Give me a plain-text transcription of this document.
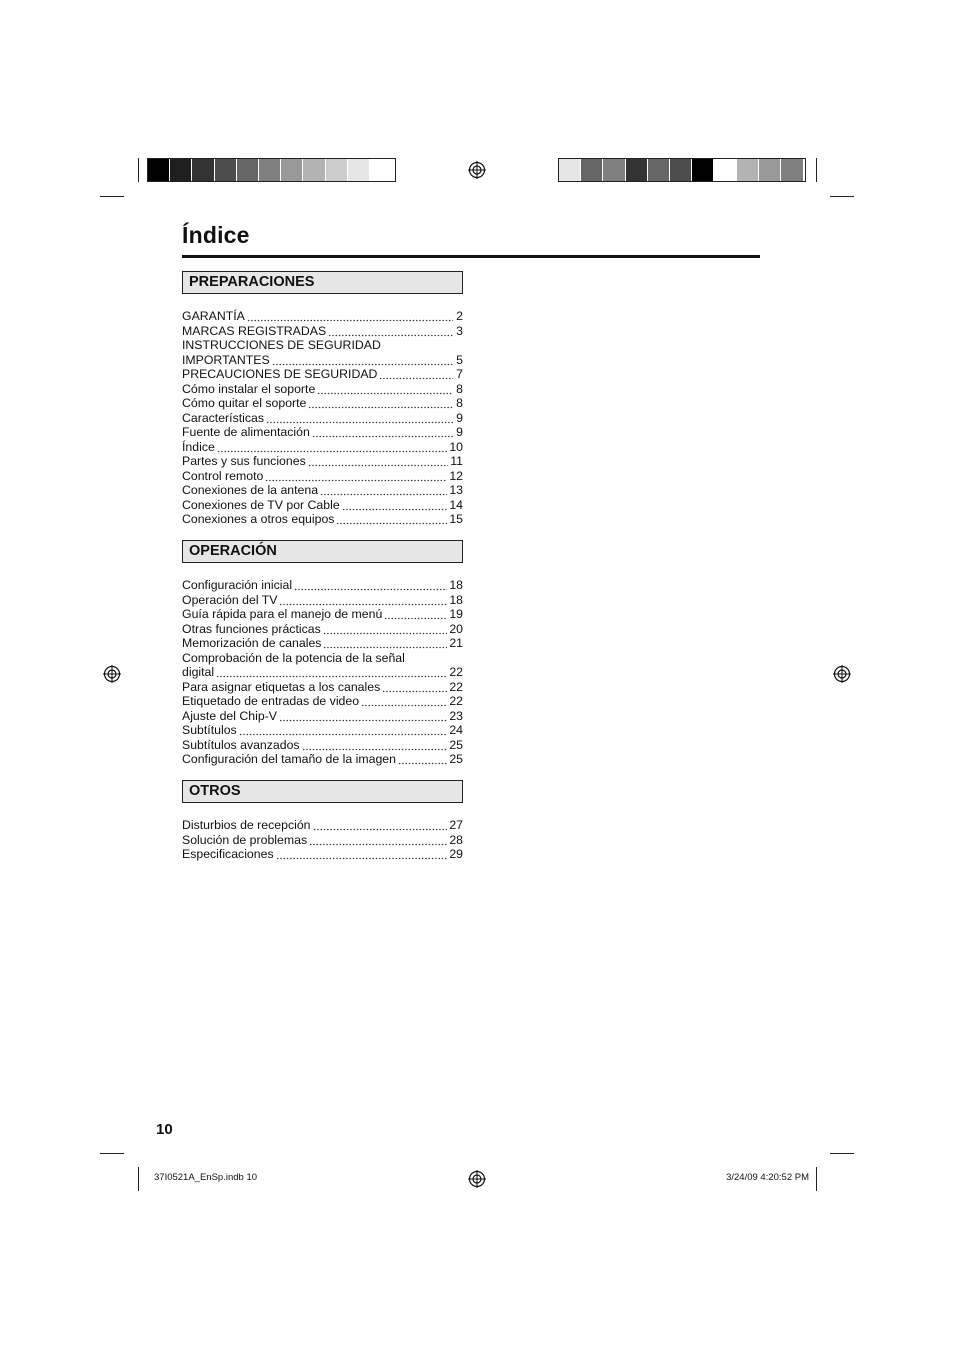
Índice
PREPARACIONES
GARANTÍA	2
MARCAS REGISTRADAS	3
INSTRUCCIONES DE SEGURIDAD
IMPORTANTES	5
PRECAUCIONES DE SEGURIDAD	7
Cómo instalar el soporte	8
Cómo quitar el soporte	8
Características	9
Fuente de alimentación	9
Índice	10
Partes y sus funciones	11
Control remoto	12
Conexiones de la antena	13
Conexiones de TV por Cable	14
Conexiones a otros equipos	15
OPERACIÓN
Configuración inicial	18
Operación del TV	18
Guía rápida para el manejo de menú	19
Otras funciones prácticas	20
Memorización de canales	21
Comprobación de la potencia de la señal
digital	22
Para asignar etiquetas a los canales	22
Etiquetado de entradas de video	22
Ajuste del Chip-V	23
Subtítulos	24
Subtítulos avanzados	25
Configuración del tamaño de la imagen	25
OTROS
Disturbios de recepción	27
Solución de problemas	28
Especificaciones	29
10
37I0521A_EnSp.indb 10	3/24/09 4:20:52 PM
